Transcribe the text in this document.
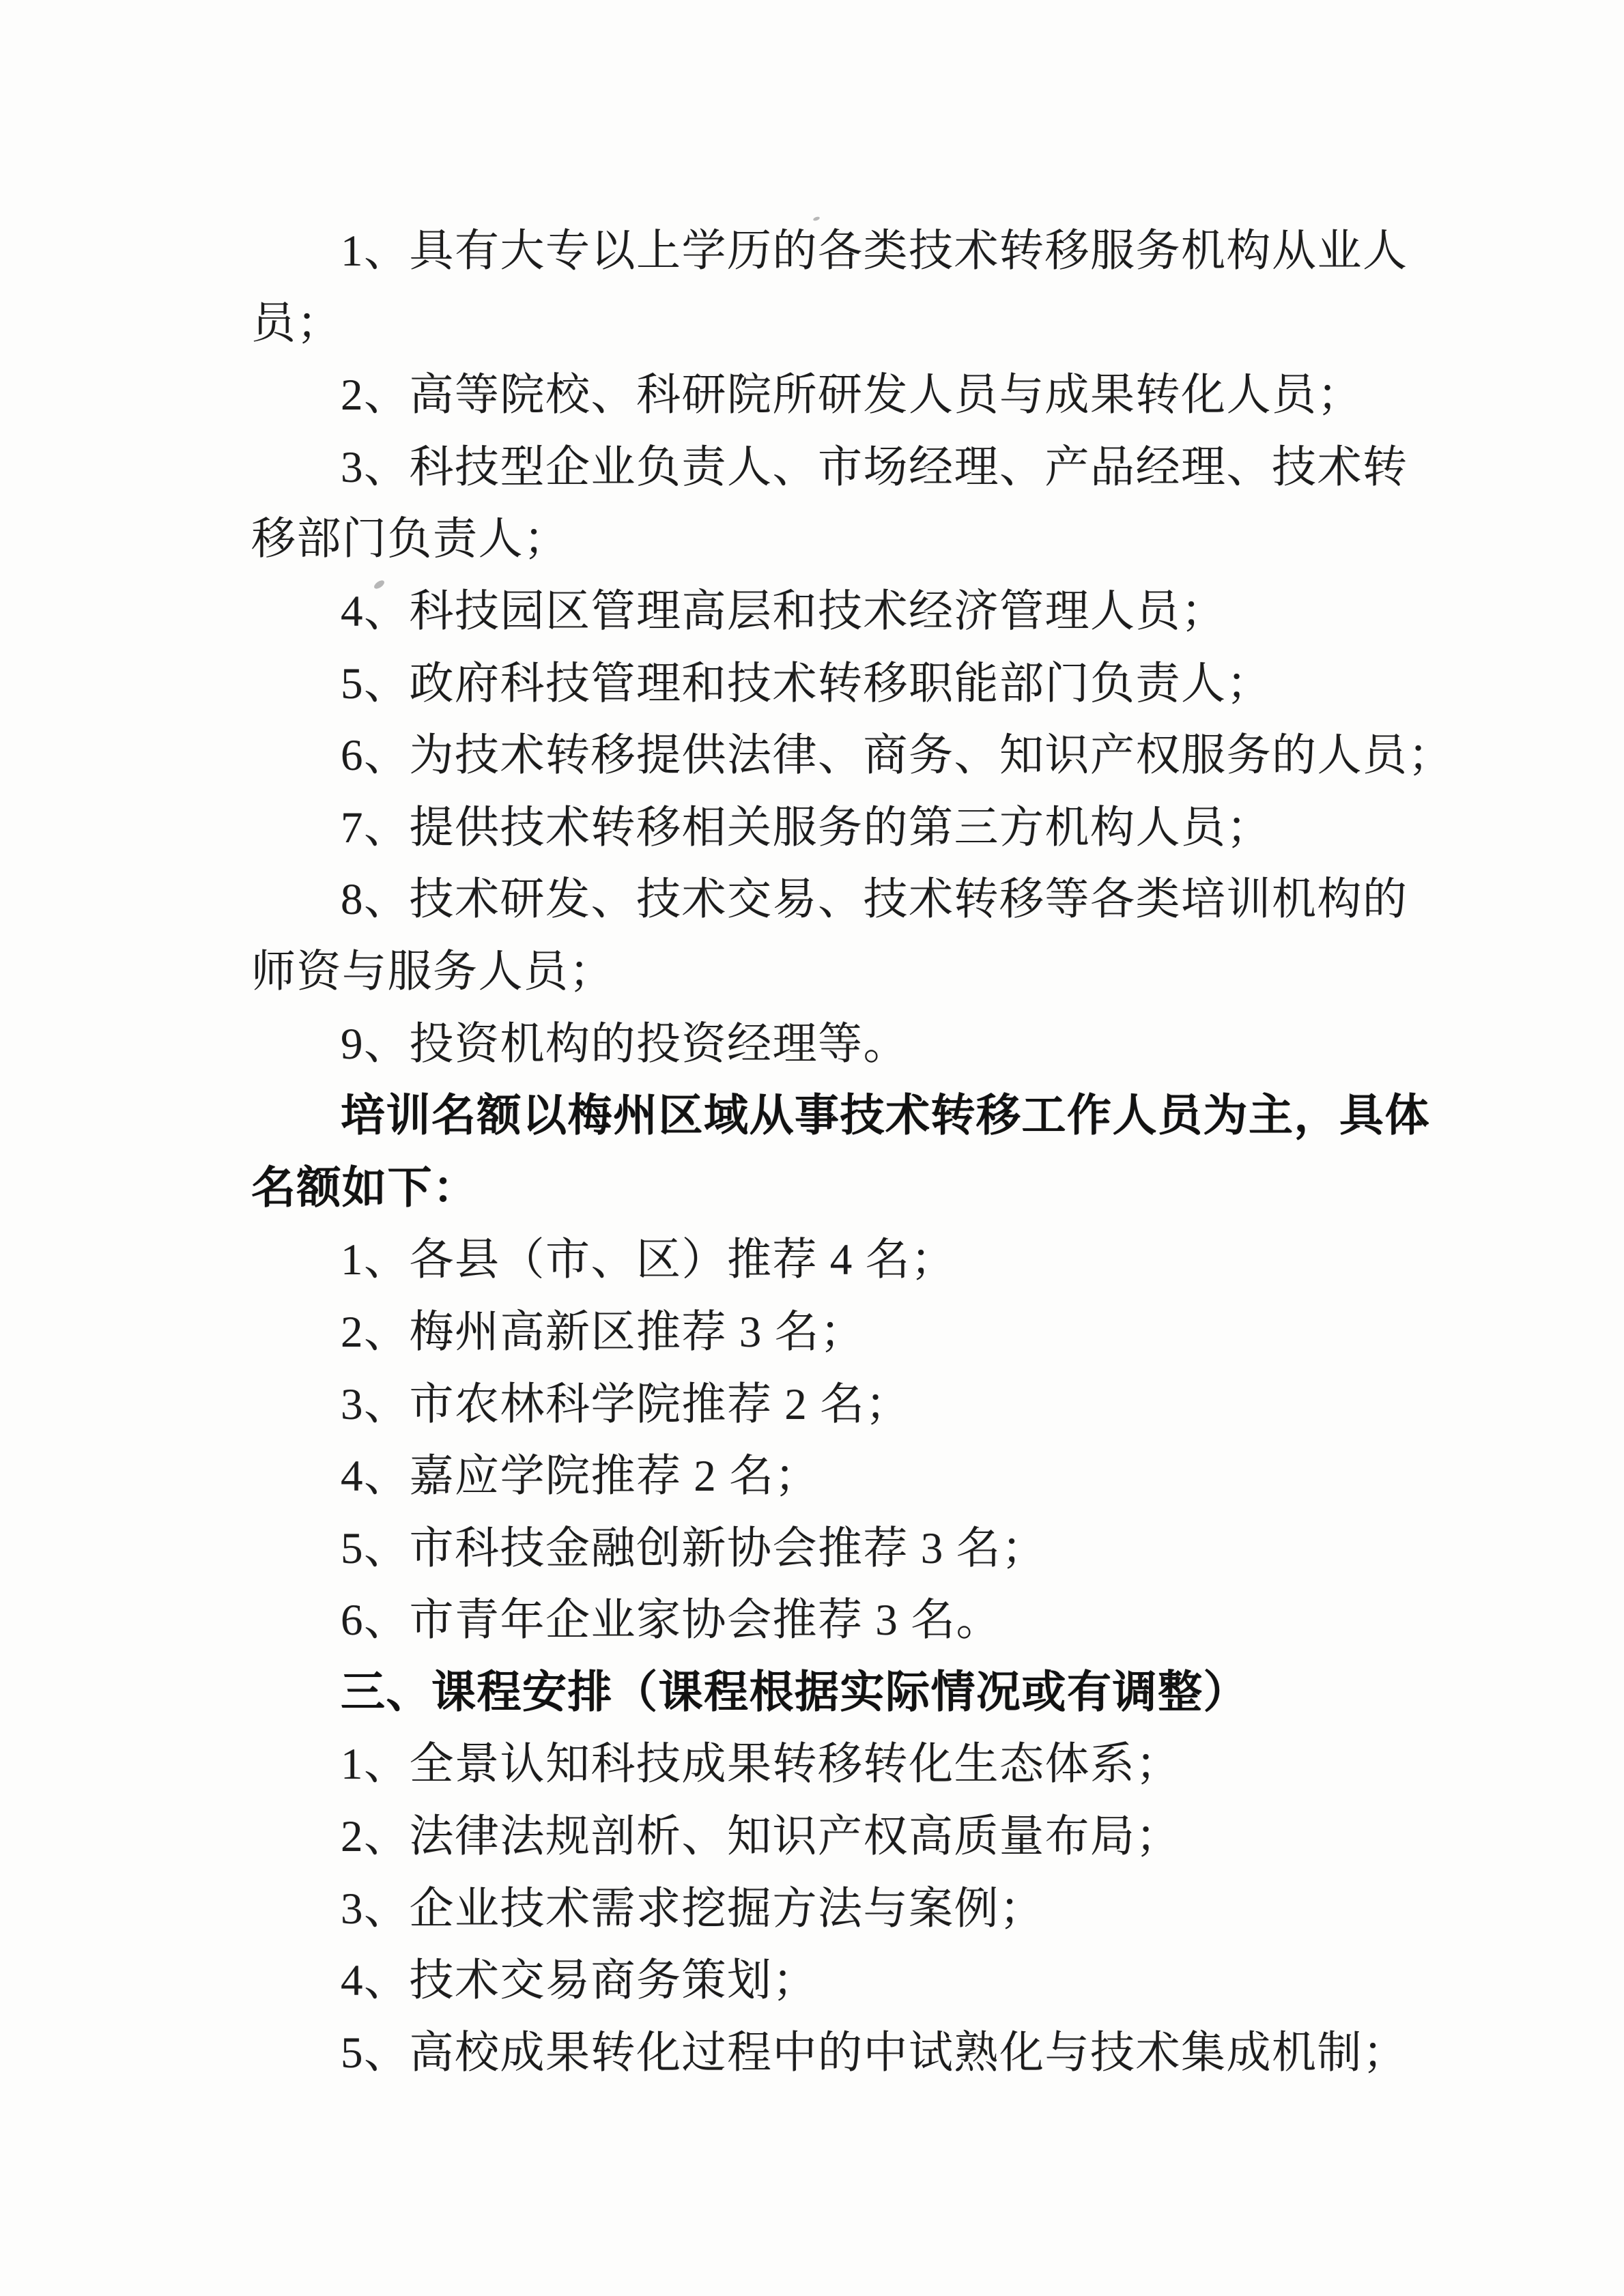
1、具有大专以上学历的各类技术转移服务机构从业人
员；
2、高等院校、科研院所研发人员与成果转化人员；
3、科技型企业负责人、市场经理、产品经理、技术转
移部门负责人；
4、科技园区管理高层和技术经济管理人员；
5、政府科技管理和技术转移职能部门负责人；
6、为技术转移提供法律、商务、知识产权服务的人员；
7、提供技术转移相关服务的第三方机构人员；
8、技术研发、技术交易、技术转移等各类培训机构的
师资与服务人员；
9、投资机构的投资经理等。
培训名额以梅州区域从事技术转移工作人员为主，具体
名额如下：
1、各县（市、区）推荐 4 名；
2、梅州高新区推荐 3 名；
3、市农林科学院推荐 2 名；
4、嘉应学院推荐 2 名；
5、市科技金融创新协会推荐 3 名；
6、市青年企业家协会推荐 3 名。
三、课程安排（课程根据实际情况或有调整）
1、全景认知科技成果转移转化生态体系；
2、法律法规剖析、知识产权高质量布局；
3、企业技术需求挖掘方法与案例；
4、技术交易商务策划；
5、高校成果转化过程中的中试熟化与技术集成机制；
